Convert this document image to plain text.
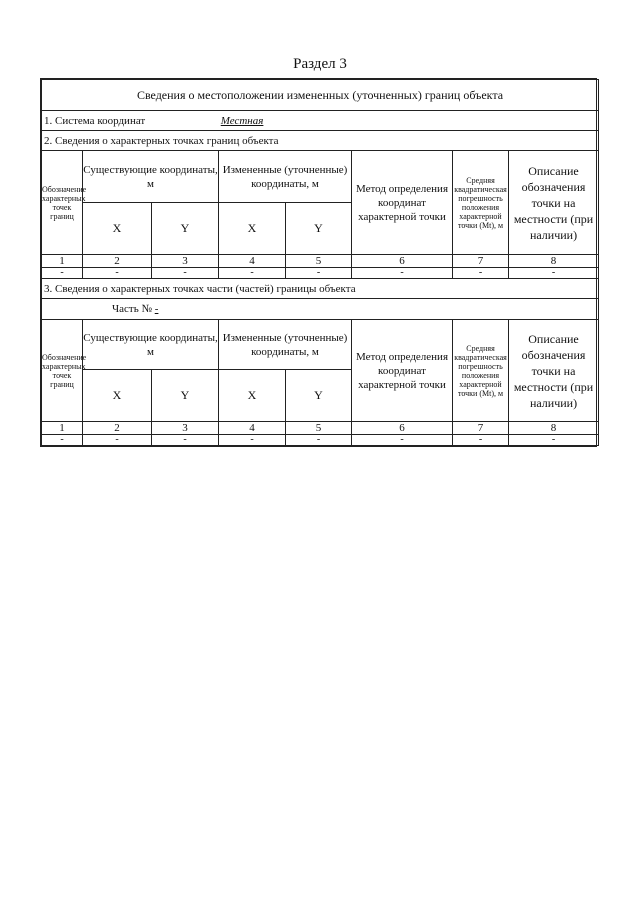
Раздел 3
Сведения о местоположении измененных (уточненных) границ объекта							
1. Система координат Местная							
2. Сведения о характерных точках границ объекта							
Обозначение характерных точек границ	Существующие координаты, м		Измененные (уточненные) координаты, м		Метод определения координат характерной точки	Средняя квадратическая погрешность положения характерной точки (Mt), м	Описание обозначения точки на местности (при наличии)
	X	Y	X	Y			
1	2	3	4	5	6	7	8
-	-	-	-	-	-	-	-
3. Сведения о характерных точках части (частей) границы объекта							
Часть № -							
Обозначение характерных точек границ	Существующие координаты, м		Измененные (уточненные) координаты, м		Метод определения координат характерной точки	Средняя квадратическая погрешность положения характерной точки (Mt), м	Описание обозначения точки на местности (при наличии)
	X	Y	X	Y			
1	2	3	4	5	6	7	8
-	-	-	-	-	-	-	-
